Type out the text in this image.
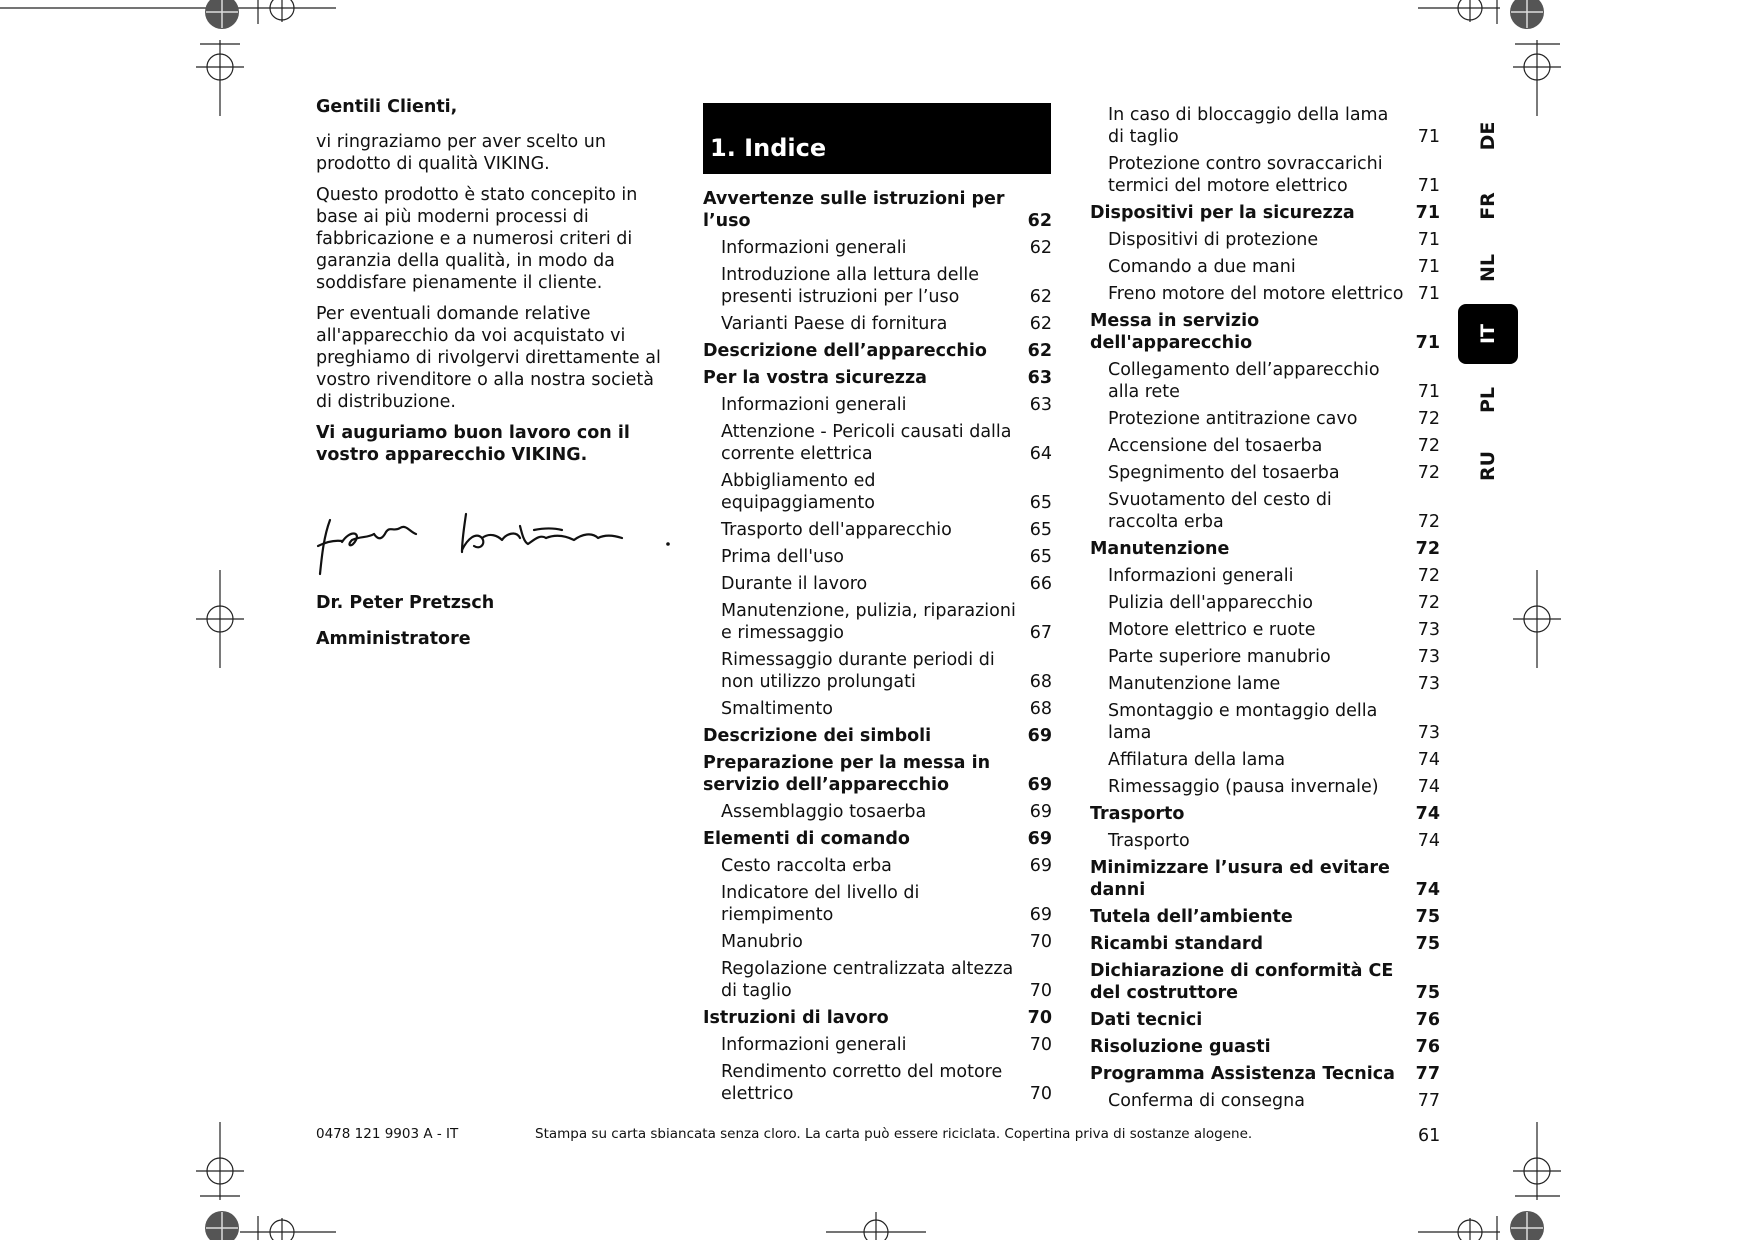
Gentili Clienti,

vi ringraziamo per aver scelto un prodotto di qualità VIKING.

Questo prodotto è stato concepito in base ai più moderni processi di fabbricazione e a numerosi criteri di garanzia della qualità, in modo da soddisfare pienamente il cliente.

Per eventuali domande relative all'apparecchio da voi acquistato vi preghiamo di rivolgervi direttamente al vostro rivenditore o alla nostra società di distribuzione.

Vi auguriamo buon lavoro con il vostro apparecchio VIKING.

Dr. Peter Pretzsch
Amministratore
1. Indice
Avvertenze sulle istruzioni per l’uso	62
Informazioni generali	62
Introduzione alla lettura delle presenti istruzioni per l’uso	62
Varianti Paese di fornitura	62
Descrizione dell’apparecchio	62
Per la vostra sicurezza	63
Informazioni generali	63
Attenzione - Pericoli causati dalla corrente elettrica	64
Abbigliamento ed equipaggiamento	65
Trasporto dell'apparecchio	65
Prima dell'uso	65
Durante il lavoro	66
Manutenzione, pulizia, riparazioni e rimessaggio	67
Rimessaggio durante periodi di non utilizzo prolungati	68
Smaltimento	68
Descrizione dei simboli	69
Preparazione per la messa in servizio dell’apparecchio	69
Assemblaggio tosaerba	69
Elementi di comando	69
Cesto raccolta erba	69
Indicatore del livello di riempimento	69
Manubrio	70
Regolazione centralizzata altezza di taglio	70
Istruzioni di lavoro	70
Informazioni generali	70
Rendimento corretto del motore elettrico	70
In caso di bloccaggio della lama di taglio	71
Protezione contro sovraccarichi termici del motore elettrico	71
Dispositivi per la sicurezza	71
Dispositivi di protezione	71
Comando a due mani	71
Freno motore del motore elettrico 71
Messa in servizio dell'apparecchio	71
Collegamento dell’apparecchio alla rete	71
Protezione antitrazione cavo	72
Accensione del tosaerba	72
Spegnimento del tosaerba	72
Svuotamento del cesto di raccolta erba	72
Manutenzione	72
Informazioni generali	72
Pulizia dell'apparecchio	72
Motore elettrico e ruote	73
Parte superiore manubrio	73
Manutenzione lame	73
Smontaggio e montaggio della lama	73
Affilatura della lama	74
Rimessaggio (pausa invernale)	74
Trasporto	74
Trasporto	74
Minimizzare l’usura ed evitare danni	74
Tutela dell’ambiente	75
Ricambi standard	75
Dichiarazione di conformità CE del costruttore	75
Dati tecnici	76
Risoluzione guasti	76
Programma Assistenza Tecnica	77
Conferma di consegna	77
DE
FR
NL
IT
PL
RU
0478 121 9903 A - IT	Stampa su carta sbiancata senza cloro. La carta può essere riciclata. Copertina priva di sostanze alogene.	61
